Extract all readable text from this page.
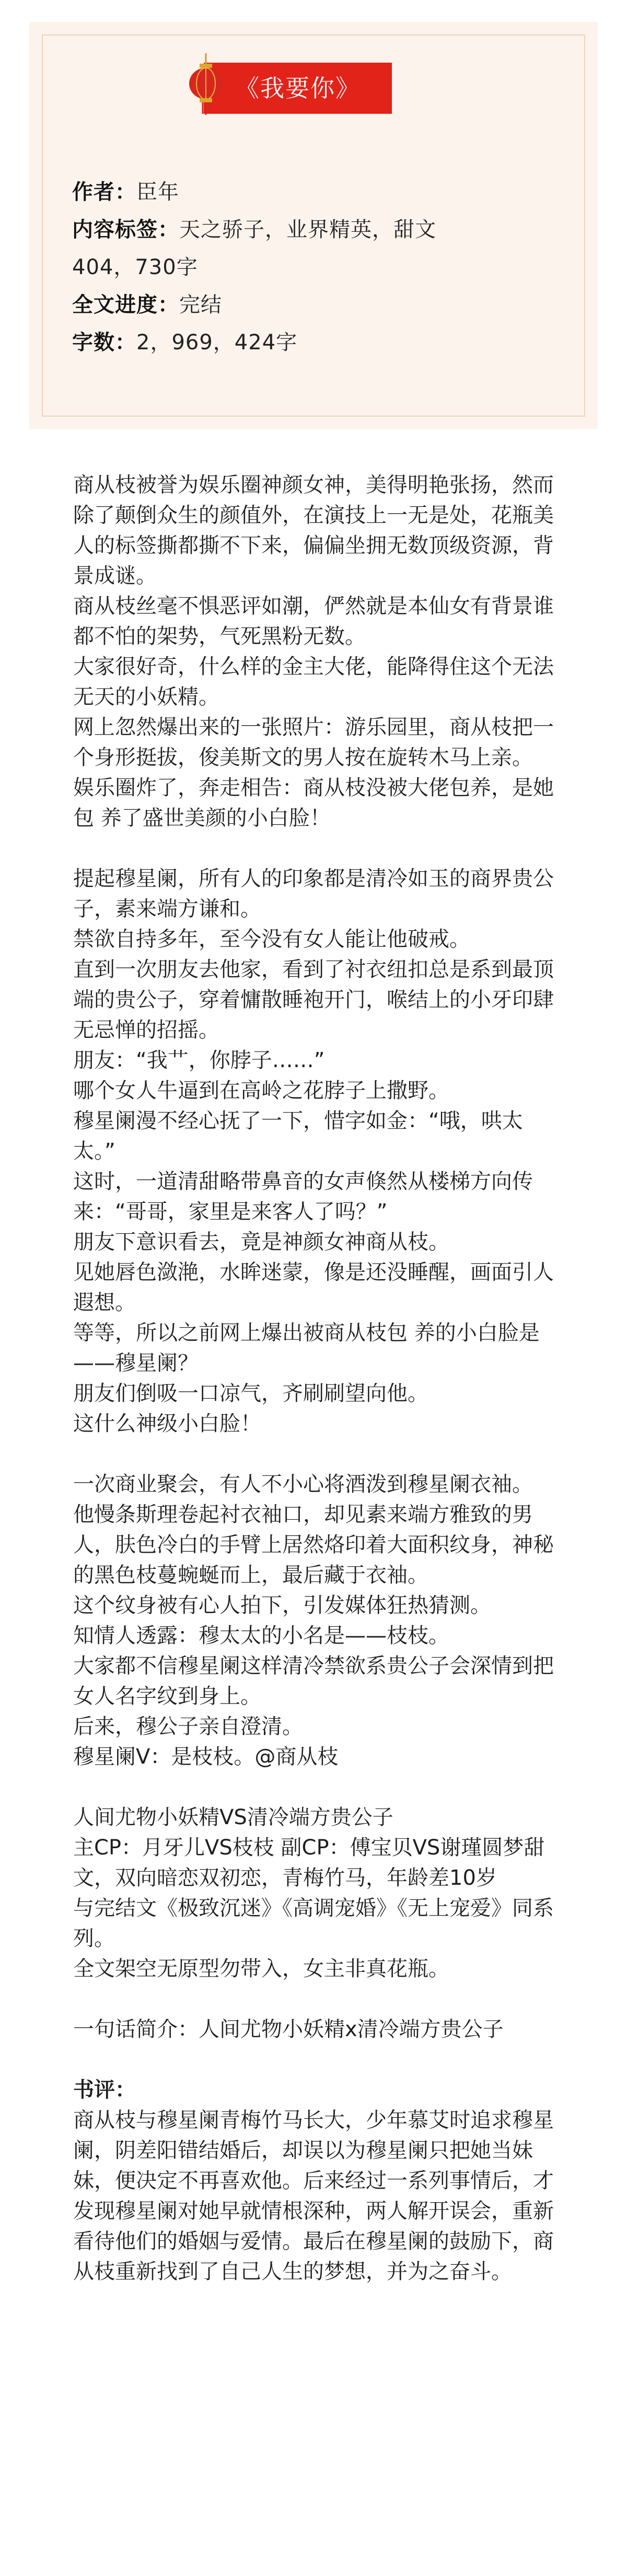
《我要你》
作者：臣年
内容标签：天之骄子，业界精英，甜文
404，730字
全文进度：完结
字数：2，969，424字

商从枝被誉为娱乐圈神颜女神，美得明艳张扬，然而除了颠倒众生的颜值外，在演技上一无是处，花瓶美人的标签撕都撕不下来，偏偏坐拥无数顶级资源，背景成谜。

商从枝丝毫不惧恶评如潮，俨然就是本仙女有背景谁都不怕的架势，气死黑粉无数。

大家很好奇，什么样的金主大佬，能降得住这个无法无天的小妖精。

网上忽然爆出来的一张照片：游乐园里，商从枝把一个身形挺拔，俊美斯文的男人按在旋转木马上亲。

娱乐圈炸了，奔走相告：商从枝没被大佬包养，是她包 养了盛世美颜的小白脸！

提起穆星阑，所有人的印象都是清冷如玉的商界贵公子，素来端方谦和。

禁欲自持多年，至今没有女人能让他破戒。

直到一次朋友去他家，看到了衬衣纽扣总是系到最顶端的贵公子，穿着慵散睡袍开门，喉结上的小牙印肆无忌惮的招摇。

朋友：“我艹，你脖子……”

哪个女人牛逼到在高岭之花脖子上撒野。

穆星阑漫不经心抚了一下，惜字如金：“哦，哄太太。”

这时，一道清甜略带鼻音的女声倏然从楼梯方向传来：“哥哥，家里是来客人了吗？”

朋友下意识看去，竟是神颜女神商从枝。

见她唇色潋滟，水眸迷蒙，像是还没睡醒，画面引人遐想。

等等，所以之前网上爆出被商从枝包 养的小白脸是——穆星阑？

朋友们倒吸一口凉气，齐刷刷望向他。

这什么神级小白脸！

一次商业聚会，有人不小心将酒泼到穆星阑衣袖。

他慢条斯理卷起衬衣袖口，却见素来端方雅致的男人，肤色冷白的手臂上居然烙印着大面积纹身，神秘的黑色枝蔓蜿蜒而上，最后藏于衣袖。

这个纹身被有心人拍下，引发媒体狂热猜测。

知情人透露：穆太太的小名是——枝枝。

大家都不信穆星阑这样清冷禁欲系贵公子会深情到把女人名字纹到身上。

后来，穆公子亲自澄清。

穆星阑V：是枝枝。@商从枝

人间尤物小妖精VS清冷端方贵公子

主CP：月牙儿VS枝枝 副CP：傅宝贝VS谢瑾圆梦甜文，双向暗恋双初恋，青梅竹马，年龄差10岁

与完结文《极致沉迷》《高调宠婚》《无上宠爱》同系列。

全文架空无原型勿带入，女主非真花瓶。

一句话简介：人间尤物小妖精x清冷端方贵公子

书评：

商从枝与穆星阑青梅竹马长大，少年慕艾时追求穆星阑，阴差阳错结婚后，却误以为穆星阑只把她当妹妹，便决定不再喜欢他。后来经过一系列事情后，才发现穆星阑对她早就情根深种，两人解开误会，重新看待他们的婚姻与爱情。最后在穆星阑的鼓励下，商从枝重新找到了自己人生的梦想，并为之奋斗。
